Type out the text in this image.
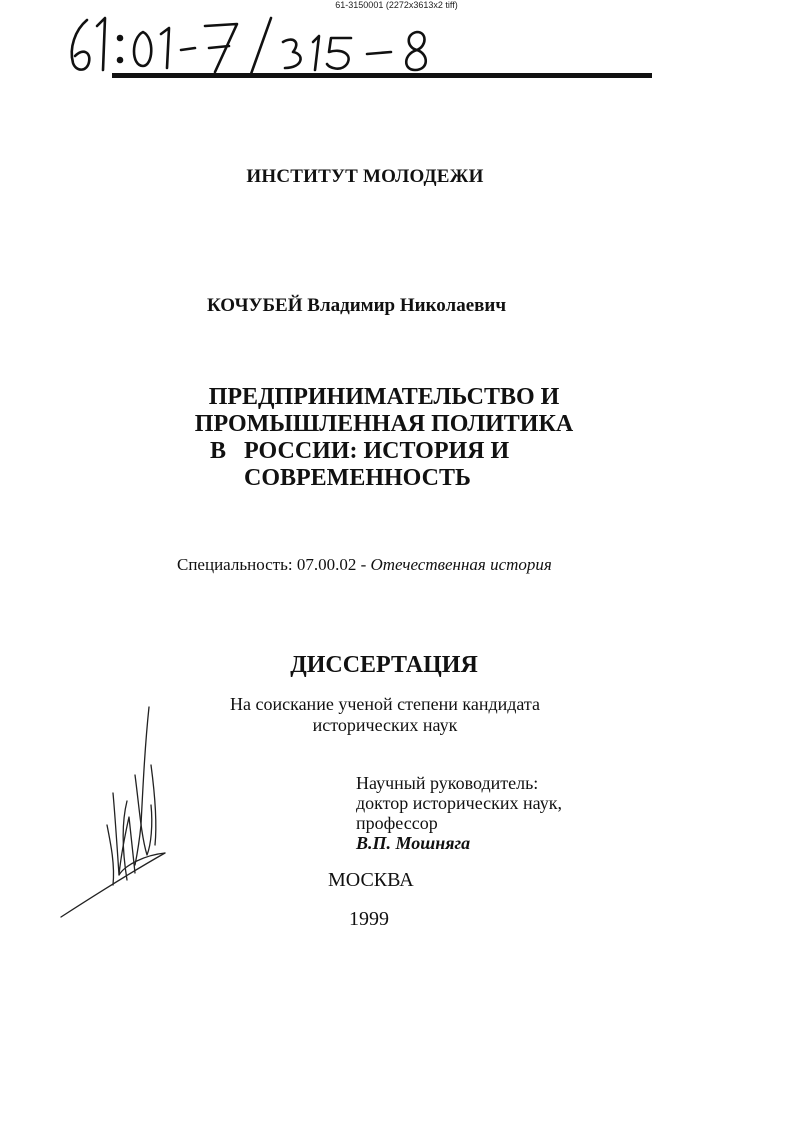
61-3150001 (2272x3613x2 tiff)
ИНСТИТУТ МОЛОДЕЖИ
КОЧУБЕЙ Владимир Николаевич
ПРЕДПРИНИМАТЕЛЬСТВО И
ПРОМЫШЛЕННАЯ ПОЛИТИКА
В   РОССИИ: ИСТОРИЯ И
СОВРЕМЕННОСТЬ
Специальность: 07.00.02 - Отечественная история
ДИССЕРТАЦИЯ
На соискание ученой степени кандидата
исторических наук
Научный руководитель:
доктор исторических наук,
профессор
В.П. Мошняга
МОСКВА
1999
